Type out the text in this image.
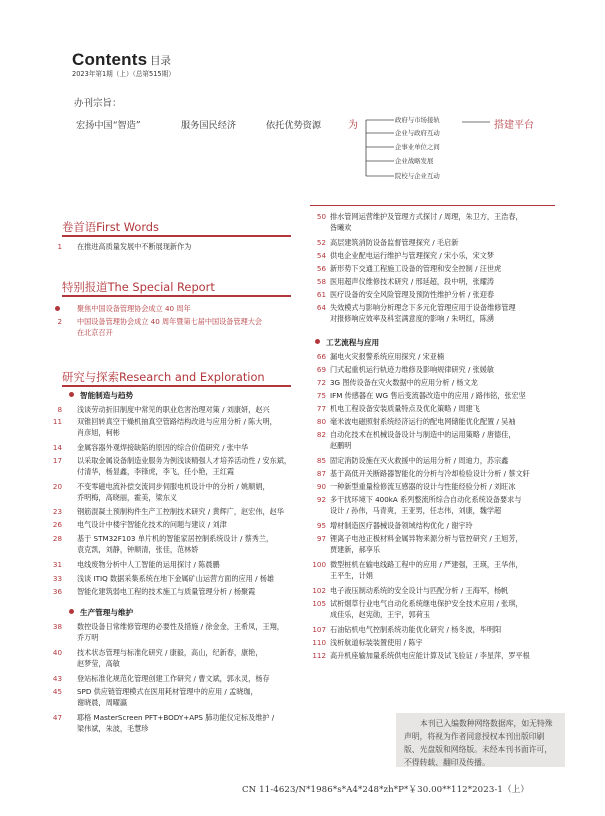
Contents 目录
2023年第1期（上）（总第515期）
办刊宗旨：
宏扬中国“智造”	服务国民经济	依托优势资源	为	搭建平台
政府与市场接轨
企业与政府互动
企事业单位之间
企业战略发展
院校与企业互动
卷首语First Words
特别报道The Special Report
研究与探索Research and Exploration
1 在推进高质量发展中不断展现新作为
聚焦中国设备管理协会成立 40 周年
2 中国设备管理协会成立 40 周年暨第七届中国设备管理大会
在北京召开
智能制造与趋势
8 浅谈劳动折旧制度中常见的职业危害治理对策 / 刘康妍，赵兴
11 双锥回转真空干燥机抽真空管路结构改进与应用分析 / 陈大明，
肖彦旭，柯彬
14 金属容器外观焊接缺陷的原因的综合价值研究 / 张中华
17 以采取金属设备制造业服务为例浅谈精强人才培养活动性 / 安东斌，
付清华，杨显鑫，李锋虎，李飞，任小艳，王红霞
20 不变零磁电流补偿交流同步伺服电机设计中的分析 / 姚顺娟，
乔明梅，高晓丽，霍美，梁东义
23 钢筋混凝土预制构件生产工控制技术研究 / 黄辉广，赵宏伟，赵华
26 电气设计中楼宇智能化技术的问题与建议 / 刘津
28 基于 STM32F103 单片机的智能家居控制系统设计 / 蔡秀兰，
袁克凯，刘静，钟顺清，张佳，范林娇
31 电线废物分析中人工智能的运用探讨 / 陈晨鹏
33 浅谈 ITIQ 数据采集系统在地下金属矿山运营方面的应用 / 杨雄
36 智能化建筑弱电工程的技术施工与质量管理分析 / 杨聚霞
生产管理与维护
38 数控设备日常维修管理的必要性及措施 / 徐金金，王希凤，王翔，
乔万明
40 技术状态管理与标准化研究 / 康毅，高山，纪新春，康艳，
赵梦莹，高敏
43 登站标准化规范化管理创建工作研究 / 曹文斌，郭永灵，杨存
45 SPD 供应链管理模式在医用耗材管理中的应用 / 孟晓珈，
谢晓晨，周曜瀛
47 耶格 MasterScreen PFT+BODY+APS 肺功能仪定标及维护 /
梁伟斌，朱波，毛慧珍
50 排水管网运营维护及管理方式探讨 / 周理，朱卫方，王浩春，
昝曦欢
52 高层建筑消防设备监督管理探究 / 毛启新
54 供电企业配电运行维护与管理探究 / 宋小乐，宋文梦
56 新形势下交通工程施工设备的管理和安全控制 / 汪世虎
58 医用超声仪维修技术研究 / 邢延超，段中明，张耀涛
61 医疗设备的安全风险管理及预防性维护分析 / 张迎春
64 失效模式与影响分析理念下多元化管理应用于设备维修管理
对报修响应效率及科室满意度的影响 / 朱明红，陈湧
工艺流程与应用
66 漏电火灾报警系统应用探究 / 宋亚楠
69 门式起重机运行轨迹力维修及影响规律研究 / 张媛敏
72 3G 图传设备在灾火数据中的应用分析 / 杨文龙
75 IFM 传感器在 WG 售后变流器改造中的应用 / 路伟铭，张宏坚
77 机电工程设备安装质量特点及优化策略 / 周建飞
80 毫米波电磁照射系统经济运行的配电网储能优化配置 / 吴袖
82 自动化技术在机械设备设计与制造中的运用策略 / 唐德佳，
赵鹏明
85 固定消防设施在灭火救援中的运用分析 / 周迪力，苏宗鑫
87 基于高低开关断路器智能化的分析与冷却检验设计分析 / 蔡文轩
90 一种新型重量检修流互感器的设计与性能经验分析 / 刘旺冰
92 多干扰环境下 400kA 系列整流所综合自动化系统设备要求与
设计 / 孙伟，马青爽，王亚男，任志伟，刘康，魏学超
95 增材制造医疗器械设备领域结构优化 / 谢宇玲
97 锂离子电池正极材料金属异物来源分析与管控研究 / 王旭芳，
贾建新，郝享乐
100 微型桩机在输电线路工程中的应用 / 严建强，王瑛，王华伟，
王平生，计娟
102 电子液压制动系统的安全设计与匹配分析 / 王海军，杨帆
105 试析烟草行业电气自动化系统继电保护安全技术应用 / 张琪，
成佳乐，赵宪勋，王宇，郭荷玉
107 石油钻机电气控制系统功能优化研究 / 杨冬波，毕明阳
110 浅析航道标装装置使用 / 陈宇
112 高升机座输加量系统供电应能计算及试飞验证 / 李星萍，罗平根
本刊已入编数种网络数据库，如无特殊声明，将视为作者同意授权本刊出版印刷版、光盘版和网络版。未经本刊书面许可，不得转载、翻印及传播。
CN 11-4623/N*1986*s*A4*248*zh*P*￥30.00**112*2023-1（上）
